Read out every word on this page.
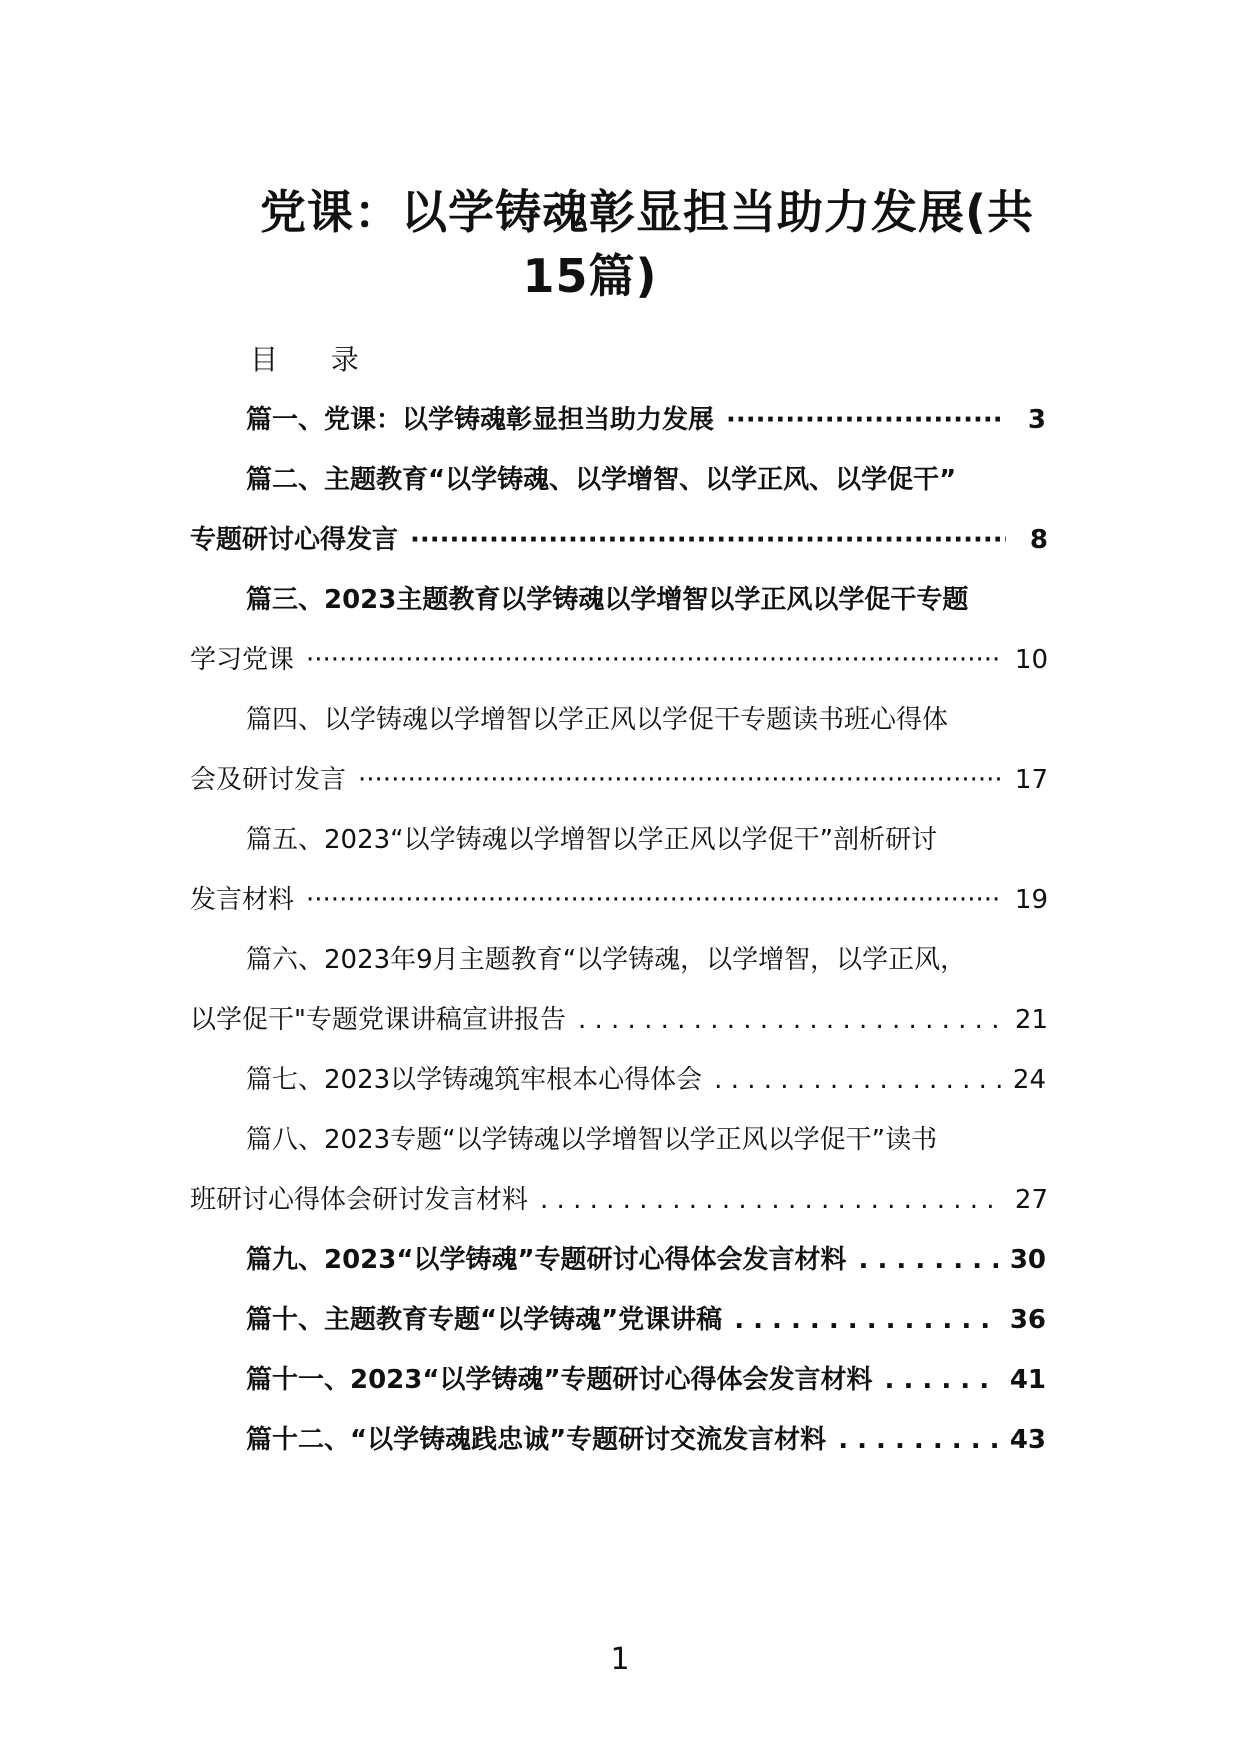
党课：以学铸魂彰显担当助力发展(共
15篇)
目 录
篇一、党课：以学铸魂彰显担当助力发展 ·····	3
篇二、主题教育“以学铸魂、以学增智、以学正风、以学促干”
专题研讨心得发言 ·····	8
篇三、2023主题教育以学铸魂以学增智以学正风以学促干专题
学习党课 ·····	10
篇四、以学铸魂以学增智以学正风以学促干专题读书班心得体
会及研讨发言 ·····	17
篇五、2023“以学铸魂以学增智以学正风以学促干”剖析研讨
发言材料 ·····	19
篇六、2023年9月主题教育“以学铸魂，以学增智，以学正风，
以学促干"专题党课讲稿宣讲报告 . . .	21
篇七、2023以学铸魂筑牢根本心得体会 . . .	24
篇八、2023专题“以学铸魂以学增智以学正风以学促干”读书
班研讨心得体会研讨发言材料 . . .	27
篇九、2023“以学铸魂”专题研讨心得体会发言材料 . . .	30
篇十、主题教育专题“以学铸魂”党课讲稿 . . .	36
篇十一、2023“以学铸魂”专题研讨心得体会发言材料 . . .	41
篇十二、“以学铸魂践忠诚”专题研讨交流发言材料 . . .	43
1
